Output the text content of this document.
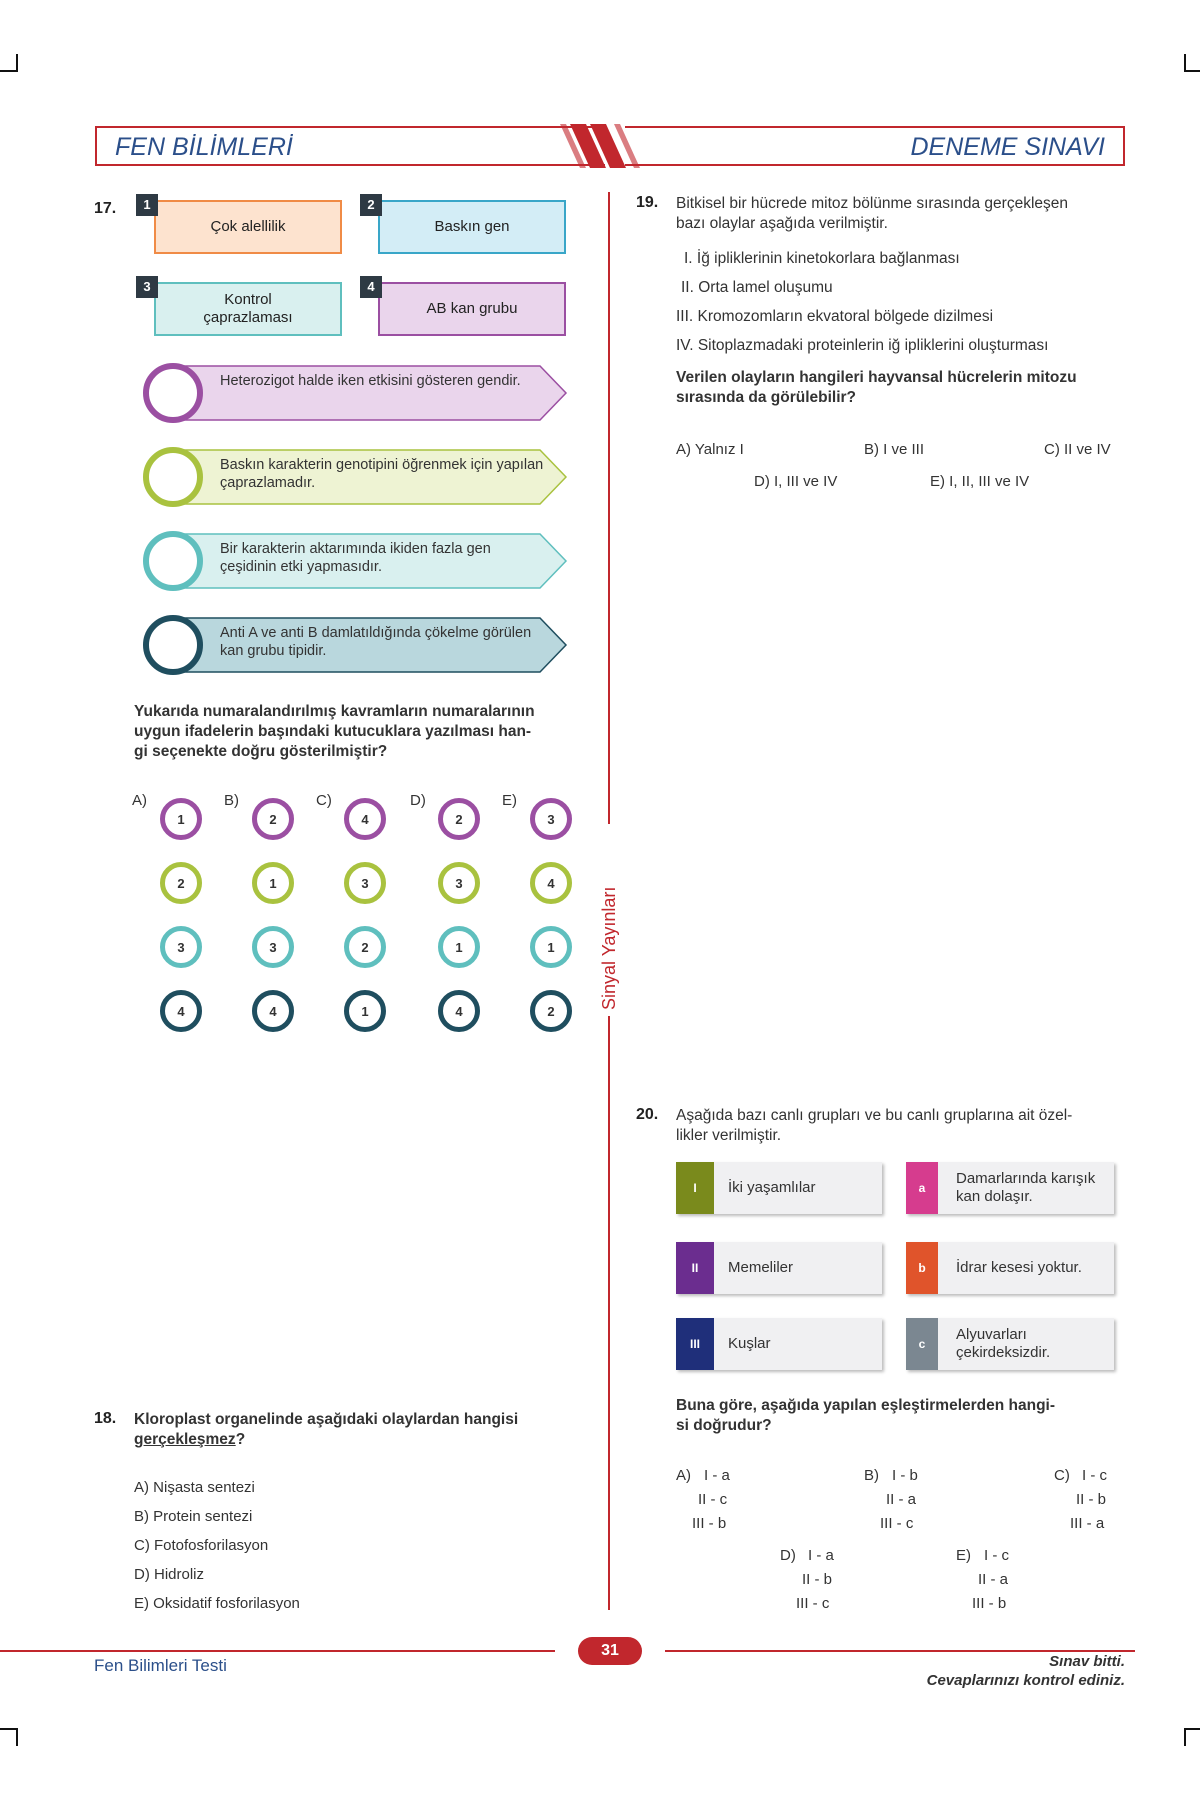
FEN BİLİMLERİ	DENEME SINAVI
Sinyal Yayınları
17.
Çok alellilik
1
Baskın gen
2
Kontrol çaprazlaması
3
AB kan grubu
4
Heterozigot halde iken etkisini gösteren gendir.
Baskın karakterin genotipini öğrenmek için yapılan çaprazlamadır.
Bir karakterin aktarımında ikiden fazla gen çeşidinin etki yapmasıdır.
Anti A ve anti B damlatıldığında çökelme görülen kan grubu tipidir.
Yukarıda numaralandırılmış kavramların numaralarının
uygun ifadelerin başındaki kutucuklara yazılması han-
gi seçenekte doğru gösterilmiştir?
A)
1
2
3
4
B)
2
1
3
4
C)
4
3
2
1
D)
2
3
1
4
E)
3
4
1
2
18. Kloroplast organelinde aşağıdaki olaylardan hangisi
gerçekleşmez?
A) Nişasta sentezi
B) Protein sentezi
C) Fotofosforilasyon
D) Hidroliz
E) Oksidatif fosforilasyon
19. Bitkisel bir hücrede mitoz bölünme sırasında gerçekleşen
bazı olaylar aşağıda verilmiştir.
I. İğ ipliklerinin kinetokorlara bağlanması
II. Orta lamel oluşumu
III. Kromozomların ekvatoral bölgede dizilmesi
IV. Sitoplazmadaki proteinlerin iğ ipliklerini oluşturması
Verilen olayların hangileri hayvansal hücrelerin mitozu
sırasında da görülebilir?
A) Yalnız I	B) I ve III	C) II ve IV
D) I, III ve IV	E) I, II, III ve IV
20. Aşağıda bazı canlı grupları ve bu canlı gruplarına ait özel-
likler verilmiştir.
I	İki yaşamlılar
II	Memeliler
III	Kuşlar
a
Damarlarında karışık kan dolaşır.
b	İdrar kesesi yoktur.
c
Alyuvarları çekirdeksizdir.
Buna göre, aşağıda yapılan eşleştirmelerden hangi-
si doğrudur?
A) I - a
II - c
III - b
B) I - b
II - a
III - c
C) I - c
II - b
III - a
D) I - a
II - b
III - c
E) I - c
II - a
III - b
31
Fen Bilimleri Testi	Sınav bitti.
Cevaplarınızı kontrol ediniz.
